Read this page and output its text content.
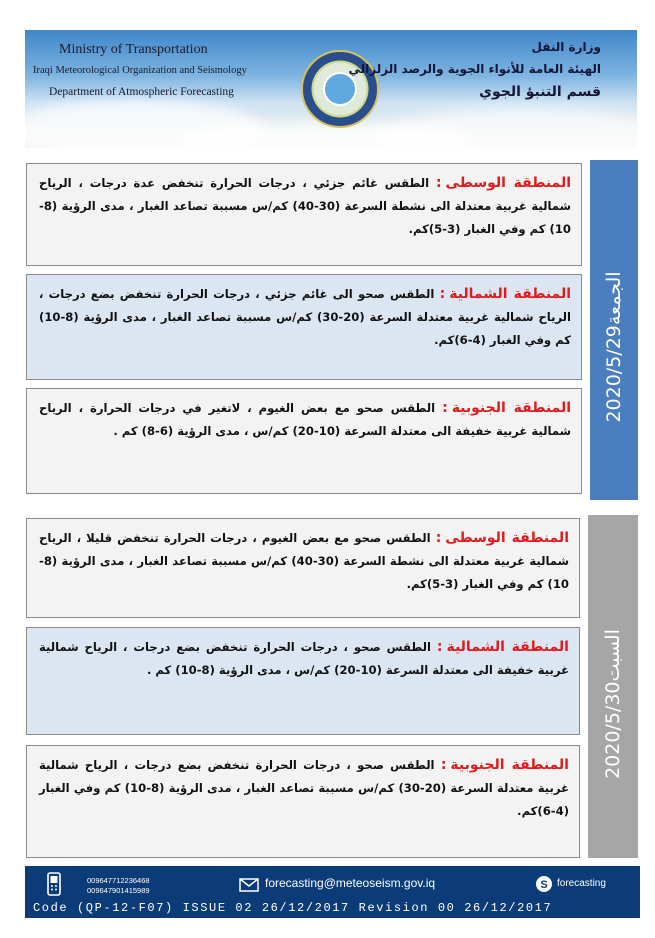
Ministry of Transportation
Iraqi Meteorological Organization and Seismology
Department of Atmospheric Forecasting
وزارة النقل
الهيئة العامة للأنواء الجوية والرصد الزلزالي
قسم التنبؤ الجوي
2020/5/29الجمعة
المنطقة الوسطى: الطقس غائم جزئي ، درجات الحرارة تنخفض عدة درجات ، الرياح شمالية غربية معتدلة الى نشطة السرعة (30-40) كم/س مسببة تصاعد الغبار ، مدى الرؤية (8-10) كم وفي الغبار (3-5)كم.
المنطقة الشمالية: الطقس صحو الى غائم جزئي ، درجات الحرارة تنخفض بضع درجات ، الرياح شمالية غربية معتدلة السرعة (20-30) كم/س مسببة تصاعد الغبار ، مدى الرؤية (8-10) كم وفي الغبار (4-6)كم.
المنطقة الجنوبية: الطقس صحو مع بعض الغيوم ، لاتغير في درجات الحرارة ، الرياح شمالية غربية خفيفة الى معتدلة السرعة (10-20) كم/س ، مدى الرؤية (6-8) كم .
2020/5/30السبت
المنطقة الوسطى: الطقس صحو مع بعض الغيوم ، درجات الحرارة تنخفض قليلا ، الرياح شمالية غربية معتدلة الى نشطة السرعة (30-40) كم/س مسببة تصاعد الغبار ، مدى الرؤية (8-10) كم وفي الغبار (3-5)كم.
المنطقة الشمالية: الطقس صحو ، درجات الحرارة تنخفض بضع درجات ، الرياح شمالية غربية خفيفة الى معتدلة السرعة (10-20) كم/س ، مدى الرؤية (8-10) كم .
المنطقة الجنوبية: الطقس صحو ، درجات الحرارة تنخفض بضع درجات ، الرياح شمالية غربية معتدلة السرعة (20-30) كم/س مسببة تصاعد الغبار ، مدى الرؤية (8-10) كم وفي الغبار (4-6)كم.
009647712236468
009647901415989
forecasting@meteoseism.gov.iq	S forecasting
Code (QP-12-F07) ISSUE 02 26/12/2017 Revision 00 26/12/2017
